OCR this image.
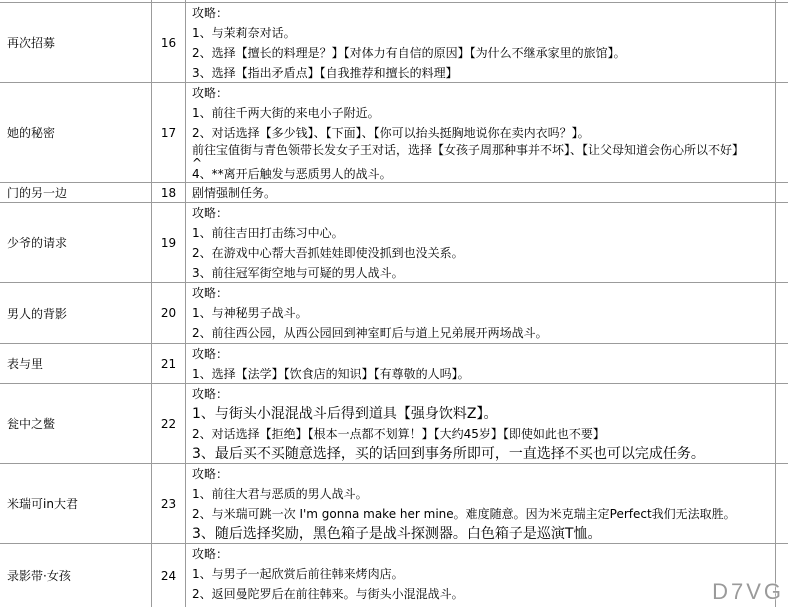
再次招募	16
攻略：
1、与茉莉奈对话。
2、选择【擅长的料理是？】【对体力有自信的原因】【为什么不继承家里的旅馆】。
3、选择【指出矛盾点】【自我推荐和擅长的料理】
她的秘密	17
攻略：
1、前往千两大街的来电小子附近。
2、对话选择【多少钱】、【下面】、【你可以抬头挺胸地说你在卖内衣吗？】。
前往宝值街与青色领带长发女子王对话，选择【女孩子周那种事并不坏】、【让父母知道会伤心所以不好】
^
4、**离开后触发与恶质男人的战斗。
门的另一边	18	剧情强制任务。
少爷的请求	19
攻略：
1、前往吉田打击练习中心。
2、在游戏中心帮大吾抓娃娃即使没抓到也没关系。
3、前往冠军街空地与可疑的男人战斗。
男人的背影	20
攻略：
1、与神秘男子战斗。
2、前往西公园，从西公园回到神室町后与道上兄弟展开两场战斗。
表与里	21
攻略：
1、选择【法学】【饮食店的知识】【有尊敬的人吗】。
瓮中之鳖	22
攻略：
1、与街头小混混战斗后得到道具【强身饮料Z】。
2、对话选择【拒绝】【根本一点都不划算！】【大约45岁】【即使如此也不要】
3、最后买不买随意选择，买的话回到事务所即可，一直选择不买也可以完成任务。
米瑞可in大君	23
攻略：
1、前往大君与恶质的男人战斗。
2、与米瑞可跳一次 I'm gonna make her mine。难度随意。因为米克瑞主定Perfect我们无法取胜。
3、随后选择奖励，黑色箱子是战斗探测器。白色箱子是巡演T恤。
录影带·女孩	24
攻略：
1、与男子一起欣赏后前往韩来烤肉店。
2、返回曼陀罗后在前往韩来。与街头小混混战斗。	D7VG
